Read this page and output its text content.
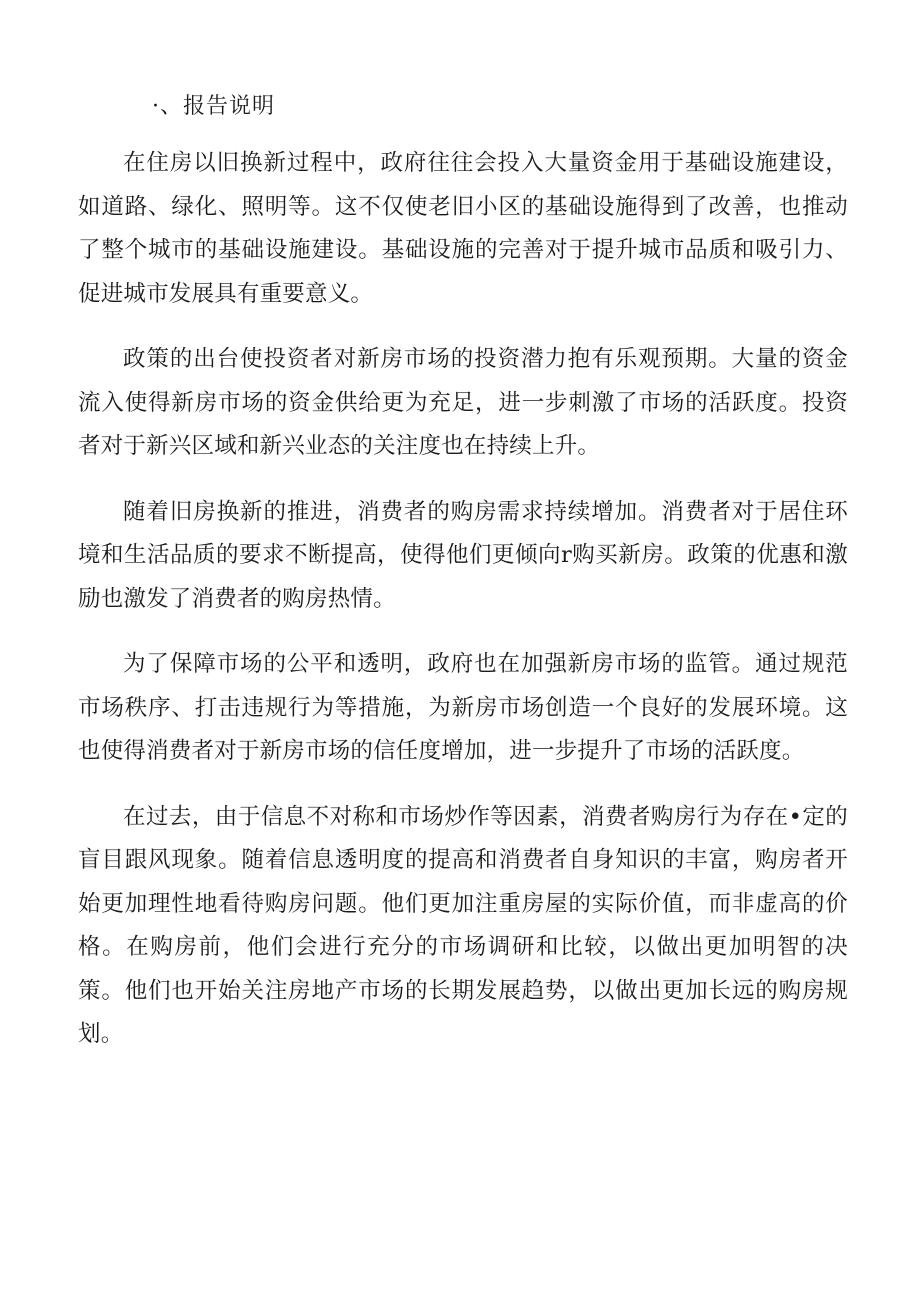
·、报告说明

在住房以旧换新过程中，政府往往会投入大量资金用于基础设施建设，如道路、绿化、照明等。这不仅使老旧小区的基础设施得到了改善，也推动了整个城市的基础设施建设。基础设施的完善对于提升城市品质和吸引力、促进城市发展具有重要意义。

政策的出台使投资者对新房市场的投资潜力抱有乐观预期。大量的资金流入使得新房市场的资金供给更为充足，进一步刺激了市场的活跃度。投资者对于新兴区域和新兴业态的关注度也在持续上升。

随着旧房换新的推进，消费者的购房需求持续增加。消费者对于居住环境和生活品质的要求不断提高，使得他们更倾向r购买新房。政策的优惠和激励也激发了消费者的购房热情。

为了保障市场的公平和透明，政府也在加强新房市场的监管。通过规范市场秩序、打击违规行为等措施，为新房市场创造一个良好的发展环境。这也使得消费者对于新房市场的信任度增加，进一步提升了市场的活跃度。

在过去，由于信息不对称和市场炒作等因素，消费者购房行为存在•定的盲目跟风现象。随着信息透明度的提高和消费者自身知识的丰富，购房者开始更加理性地看待购房问题。他们更加注重房屋的实际价值，而非虚高的价格。在购房前，他们会进行充分的市场调研和比较，以做出更加明智的决策。他们也开始关注房地产市场的长期发展趋势，以做出更加长远的购房规划。
